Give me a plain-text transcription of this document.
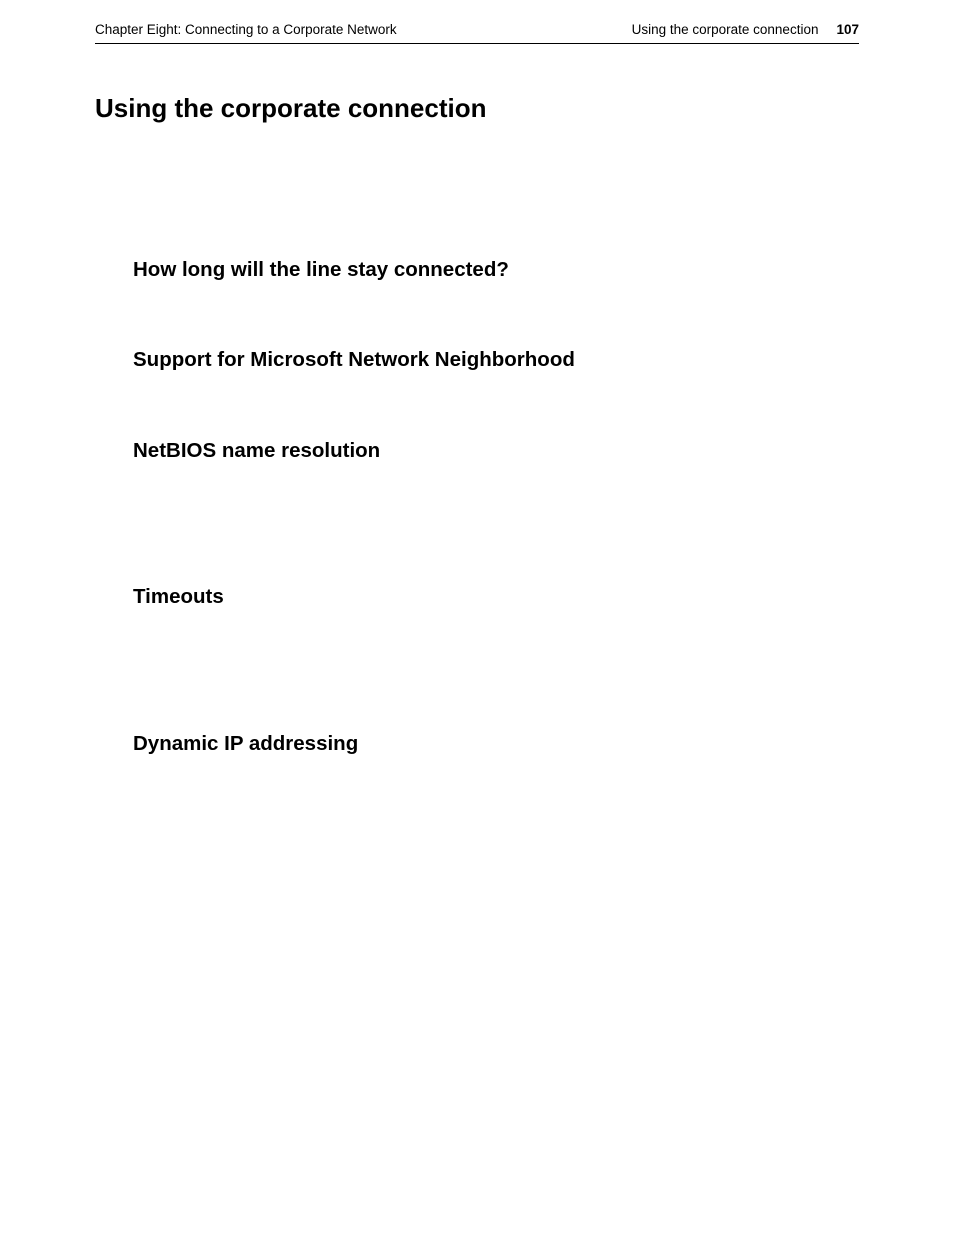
Chapter Eight: Connecting to a Corporate Network	Using the corporate connection 107
Using the corporate connection
How long will the line stay connected?
Support for Microsoft Network Neighborhood
NetBIOS name resolution
Timeouts
Dynamic IP addressing
